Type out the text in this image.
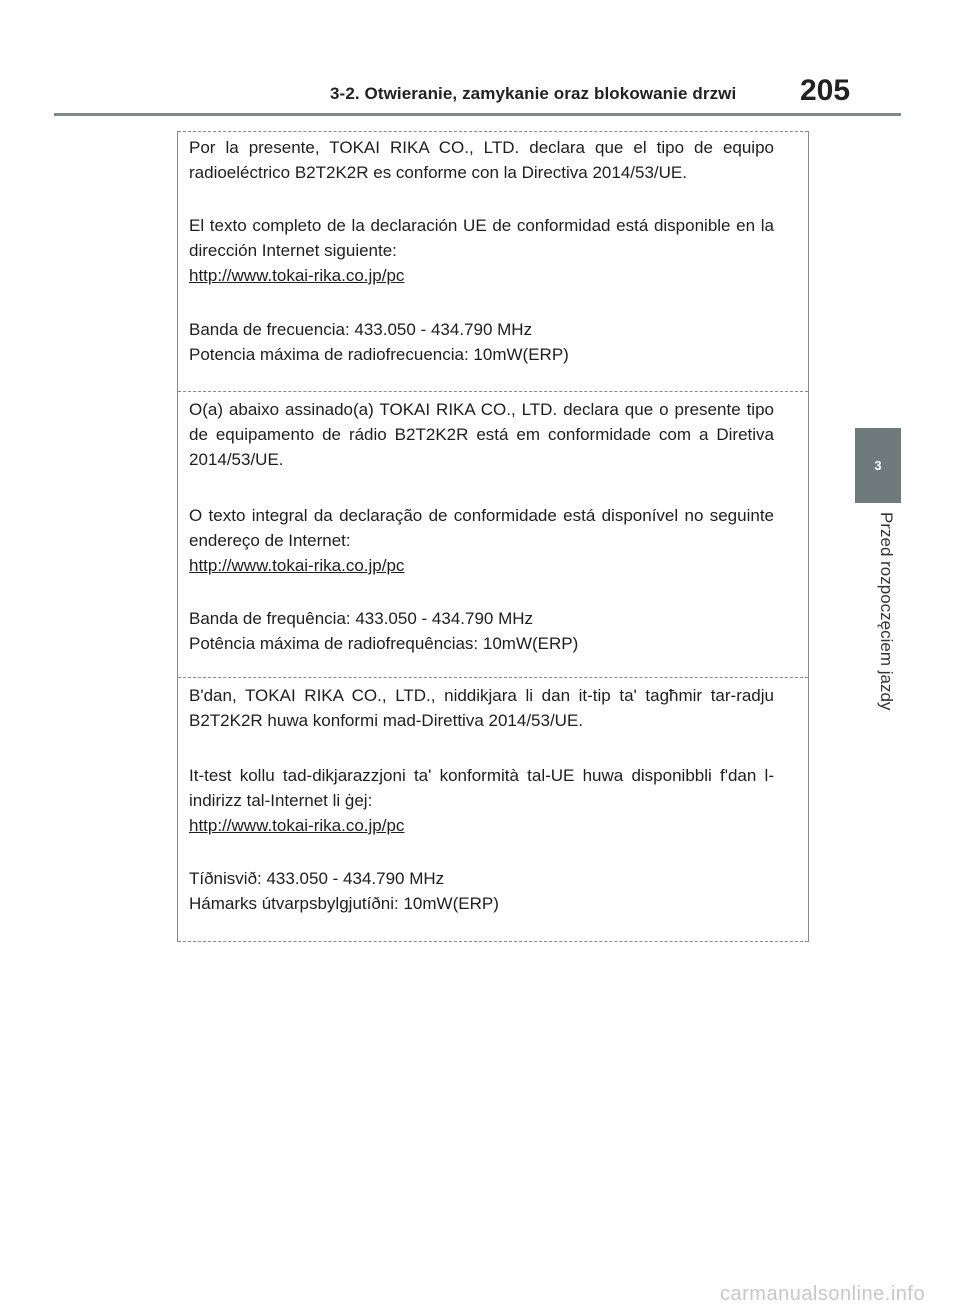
3-2. Otwieranie, zamykanie oraz blokowanie drzwi 205
3
Przed rozpoczęciem jazdy
Por la presente, TOKAI RIKA CO., LTD. declara que el tipo de equipo radioeléctrico B2T2K2R es conforme con la Directiva 2014/53/UE.
El texto completo de la declaración UE de conformidad está disponible en la dirección Internet siguiente:
http://www.tokai-rika.co.jp/pc
Banda de frecuencia: 433.050 - 434.790 MHz
Potencia máxima de radiofrecuencia: 10mW(ERP)
O(a) abaixo assinado(a) TOKAI RIKA CO., LTD. declara que o presente tipo de equipamento de rádio B2T2K2R está em conformidade com a Diretiva 2014/53/UE.
O texto integral da declaração de conformidade está disponível no seguinte endereço de Internet:
http://www.tokai-rika.co.jp/pc
Banda de frequência: 433.050 - 434.790 MHz
Potência máxima de radiofrequências: 10mW(ERP)
B'dan, TOKAI RIKA CO., LTD., niddikjara li dan it-tip ta' tagħmir tar-radju B2T2K2R huwa konformi mad-Direttiva 2014/53/UE.
It-test kollu tad-dikjarazzjoni ta' konformità tal-UE huwa disponibbli f'dan l-indirizz tal-Internet li ġej:
http://www.tokai-rika.co.jp/pc
Tíðnisvið: 433.050 - 434.790 MHz
Hámarks útvarpsbylgjutíðni: 10mW(ERP)
carmanualsonline.info
